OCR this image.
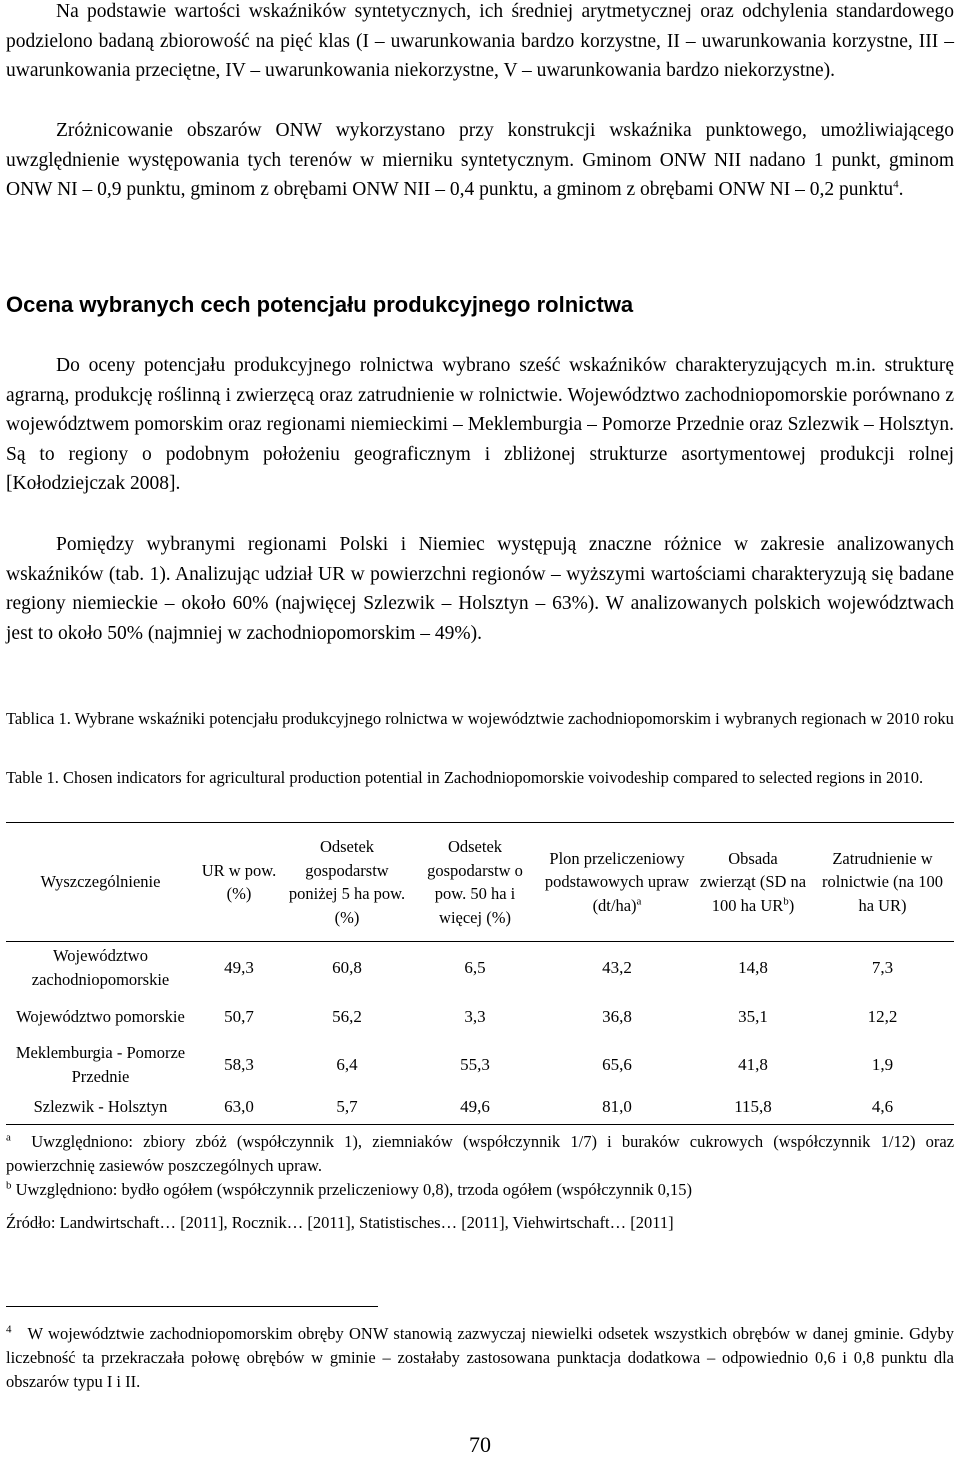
Na podstawie wartości wskaźników syntetycznych, ich średniej arytmetycznej oraz odchylenia standardowego podzielono badaną zbiorowość na pięć klas (I – uwarunkowania bardzo korzystne, II – uwarunkowania korzystne, III – uwarunkowania przeciętne, IV – uwarunkowania niekorzystne, V – uwarunkowania bardzo niekorzystne).

Zróżnicowanie obszarów ONW wykorzystano przy konstrukcji wskaźnika punktowego, umożliwiającego uwzględnienie występowania tych terenów w mierniku syntetycznym. Gminom ONW NII nadano 1 punkt, gminom ONW NI – 0,9 punktu, gminom z obrębami ONW NII – 0,4 punktu, a gminom z obrębami ONW NI – 0,2 punktu$^4$.

Ocena wybranych cech potencjału produkcyjnego rolnictwa

Do oceny potencjału produkcyjnego rolnictwa wybrano sześć wskaźników charakteryzujących m.in. strukturę agrarną, produkcję roślinną i zwierzęcą oraz zatrudnienie w rolnictwie. Województwo zachodniopomorskie porównano z województwem pomorskim oraz regionami niemieckimi – Meklemburgia – Pomorze Przednie oraz Szlezwik – Holsztyn. Są to regiony o podobnym położeniu geograficznym i zbliżonej strukturze asortymentowej produkcji rolnej [Kołodziejczak 2008].

Pomiędzy wybranymi regionami Polski i Niemiec występują znaczne różnice w zakresie analizowanych wskaźników (tab. 1). Analizując udział UR w powierzchni regionów – wyższymi wartościami charakteryzują się badane regiony niemieckie – około 60% (najwięcej Szlezwik – Holsztyn – 63%). W analizowanych polskich województwach jest to około 50% (najmniej w zachodniopomorskim – 49%).

Tablica 1. Wybrane wskaźniki potencjału produkcyjnego rolnictwa w województwie zachodniopomorskim i wybranych regionach w 2010 roku

Table 1. Chosen indicators for agricultural production potential in Zachodniopomorskie voivodeship compared to selected regions in 2010.

Wyszczególnienie	UR w pow. (%)	Odsetek gospodarstw poniżej 5 ha pow. (%)	Odsetek gospodarstw o pow. 50 ha i więcej (%)	Plon przeliczeniowy podstawowych upraw $(dt/ha)^a$	Obsada zwierząt (SD na 100 ha $UR^b$)	Zatrudnienie w rolnictwie (na 100 ha UR)
Województwo zachodniopomorskie	49,3	60,8	6,5	43,2	14,8	7,3
Województwo pomorskie	50,7	56,2	3,3	36,8	35,1	12,2
Meklemburgia - Pomorze Przednie	58,3	6,4	55,3	65,6	41,8	1,9
Szlezwik - Holsztyn	63,0	5,7	49,6	81,0	115,8	4,6

$^a$ Uwzględniono: zbiory zbóż (współczynnik 1), ziemniaków (współczynnik 1/7) i buraków cukrowych (współczynnik 1/12) oraz powierzchnię zasiewów poszczególnych upraw.

$^b$ Uwzględniono: bydło ogółem (współczynnik przeliczeniowy 0,8), trzoda ogółem (współczynnik 0,15)

Źródło: Landwirtschaft… [2011], Rocznik… [2011], Statistisches… [2011], Viehwirtschaft… [2011]

$^4$ W województwie zachodniopomorskim obręby ONW stanowią zazwyczaj niewielki odsetek wszystkich obrębów w danej gminie. Gdyby liczebność ta przekraczała połowę obrębów w gminie – zostałaby zastosowana punktacja dodatkowa – odpowiednio 0,6 i 0,8 punktu dla obszarów typu I i II.

70
